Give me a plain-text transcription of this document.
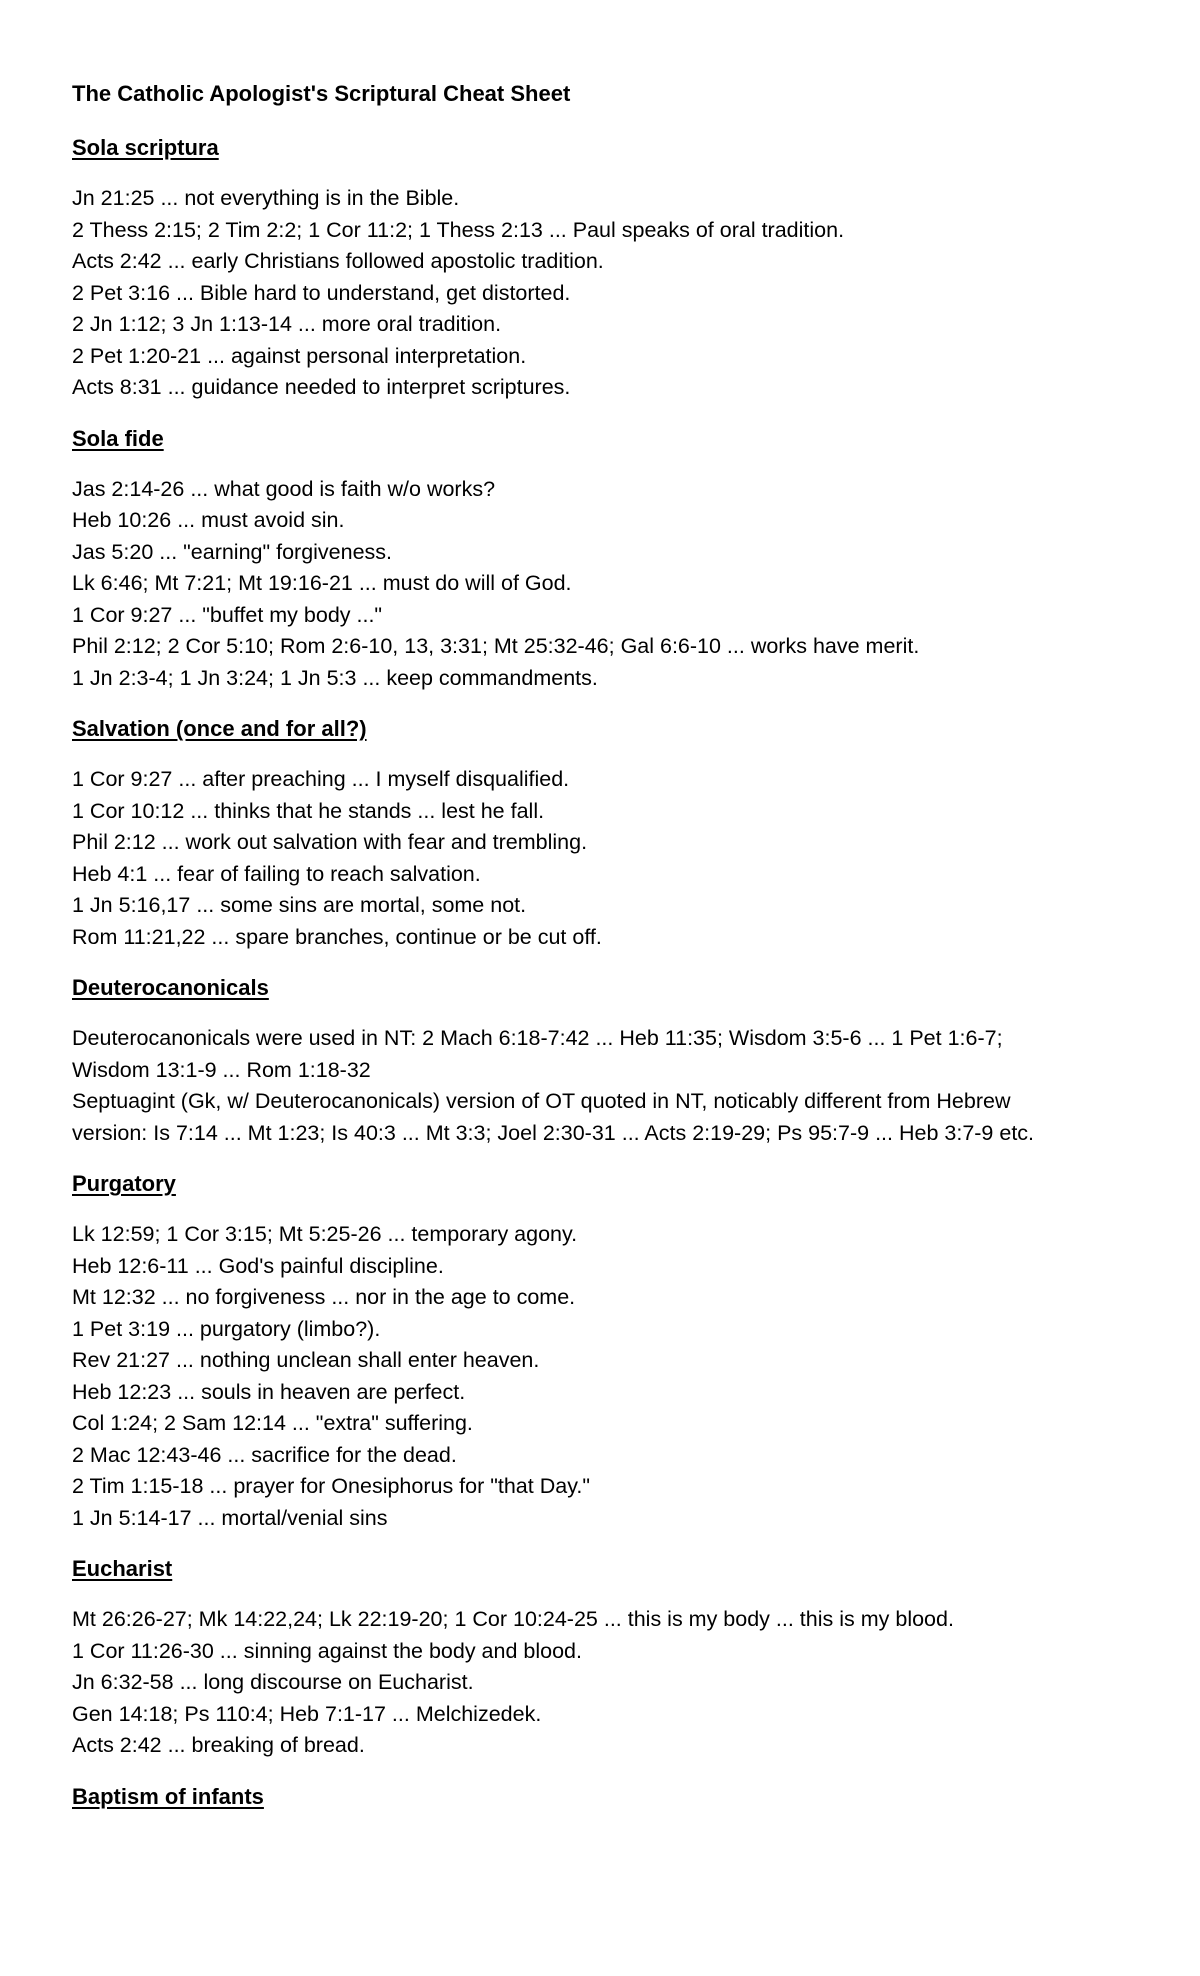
The Catholic Apologist's Scriptural Cheat Sheet
Sola scriptura
Jn 21:25 ... not everything is in the Bible.
2 Thess 2:15; 2 Tim 2:2; 1 Cor 11:2; 1 Thess 2:13 ... Paul speaks of oral tradition.
Acts 2:42 ... early Christians followed apostolic tradition.
2 Pet 3:16 ... Bible hard to understand, get distorted.
2 Jn 1:12; 3 Jn 1:13-14 ... more oral tradition.
2 Pet 1:20-21 ... against personal interpretation.
Acts 8:31 ... guidance needed to interpret scriptures.
Sola fide
Jas 2:14-26 ... what good is faith w/o works?
Heb 10:26 ... must avoid sin.
Jas 5:20 ... "earning" forgiveness.
Lk 6:46; Mt 7:21; Mt 19:16-21 ... must do will of God.
1 Cor 9:27 ... "buffet my body ..."
Phil 2:12; 2 Cor 5:10; Rom 2:6-10, 13, 3:31; Mt 25:32-46; Gal 6:6-10 ... works have merit.
1 Jn 2:3-4; 1 Jn 3:24; 1 Jn 5:3 ... keep commandments.
Salvation (once and for all?)
1 Cor 9:27 ... after preaching ... I myself disqualified.
1 Cor 10:12 ... thinks that he stands ... lest he fall.
Phil 2:12 ... work out salvation with fear and trembling.
Heb 4:1 ... fear of failing to reach salvation.
1 Jn 5:16,17 ... some sins are mortal, some not.
Rom 11:21,22 ... spare branches, continue or be cut off.
Deuterocanonicals
Deuterocanonicals were used in NT: 2 Mach 6:18-7:42 ... Heb 11:35; Wisdom 3:5-6 ... 1 Pet 1:6-7;
Wisdom 13:1-9 ... Rom 1:18-32
Septuagint (Gk, w/ Deuterocanonicals) version of OT quoted in NT, noticably different from Hebrew
version: Is 7:14 ... Mt 1:23; Is 40:3 ... Mt 3:3; Joel 2:30-31 ... Acts 2:19-29; Ps 95:7-9 ... Heb 3:7-9 etc.
Purgatory
Lk 12:59; 1 Cor 3:15; Mt 5:25-26 ... temporary agony.
Heb 12:6-11 ... God's painful discipline.
Mt 12:32 ... no forgiveness ... nor in the age to come.
1 Pet 3:19 ... purgatory (limbo?).
Rev 21:27 ... nothing unclean shall enter heaven.
Heb 12:23 ... souls in heaven are perfect.
Col 1:24; 2 Sam 12:14 ... "extra" suffering.
2 Mac 12:43-46 ... sacrifice for the dead.
2 Tim 1:15-18 ... prayer for Onesiphorus for "that Day."
1 Jn 5:14-17 ... mortal/venial sins
Eucharist
Mt 26:26-27; Mk 14:22,24; Lk 22:19-20; 1 Cor 10:24-25 ... this is my body ... this is my blood.
1 Cor 11:26-30 ... sinning against the body and blood.
Jn 6:32-58 ... long discourse on Eucharist.
Gen 14:18; Ps 110:4; Heb 7:1-17 ... Melchizedek.
Acts 2:42 ... breaking of bread.
Baptism of infants
